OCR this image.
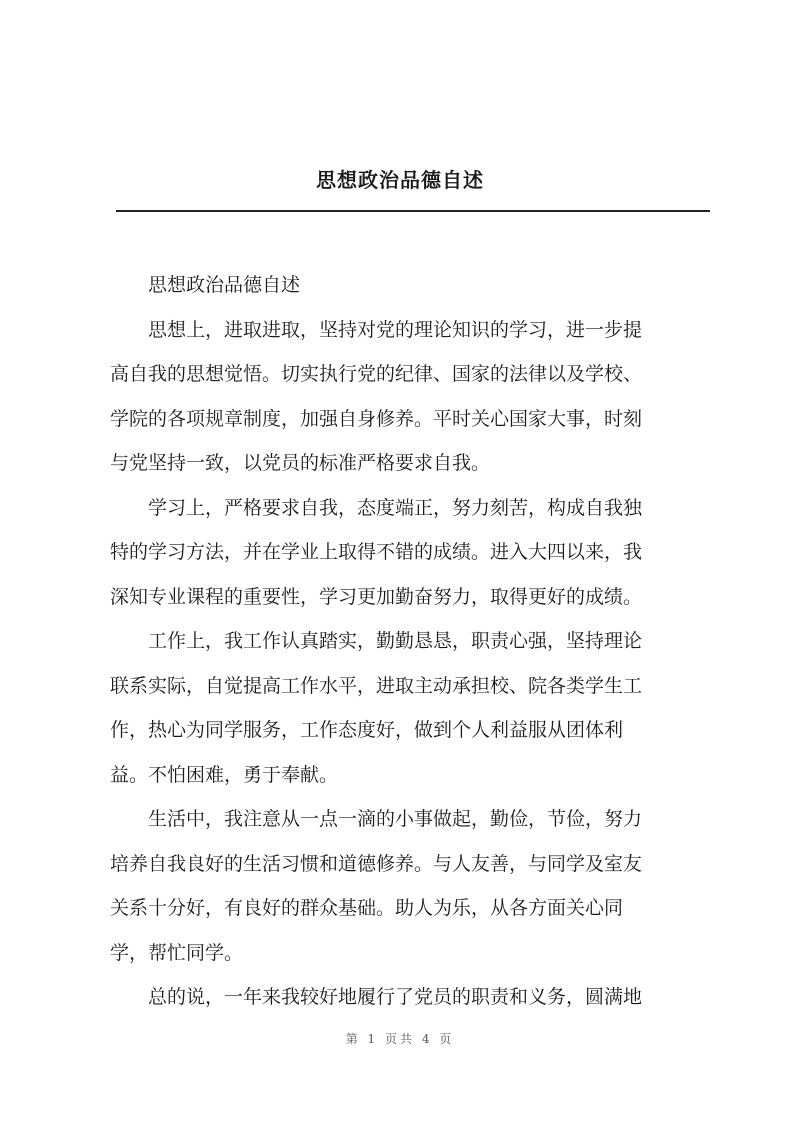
思想政治品德自述
思想政治品德自述
思想上，进取进取，坚持对党的理论知识的学习，进一步提
高自我的思想觉悟。切实执行党的纪律、国家的法律以及学校、
学院的各项规章制度，加强自身修养。平时关心国家大事，时刻
与党坚持一致，以党员的标准严格要求自我。
学习上，严格要求自我，态度端正，努力刻苦，构成自我独
特的学习方法，并在学业上取得不错的成绩。进入大四以来，我
深知专业课程的重要性，学习更加勤奋努力，取得更好的成绩。
工作上，我工作认真踏实，勤勤恳恳，职责心强，坚持理论
联系实际，自觉提高工作水平，进取主动承担校、院各类学生工
作，热心为同学服务，工作态度好，做到个人利益服从团体利
益。不怕困难，勇于奉献。
生活中，我注意从一点一滴的小事做起，勤俭，节俭，努力
培养自我良好的生活习惯和道德修养。与人友善，与同学及室友
关系十分好，有良好的群众基础。助人为乐，从各方面关心同
学，帮忙同学。
总的说，一年来我较好地履行了党员的职责和义务，圆满地
第 1 页共 4 页
